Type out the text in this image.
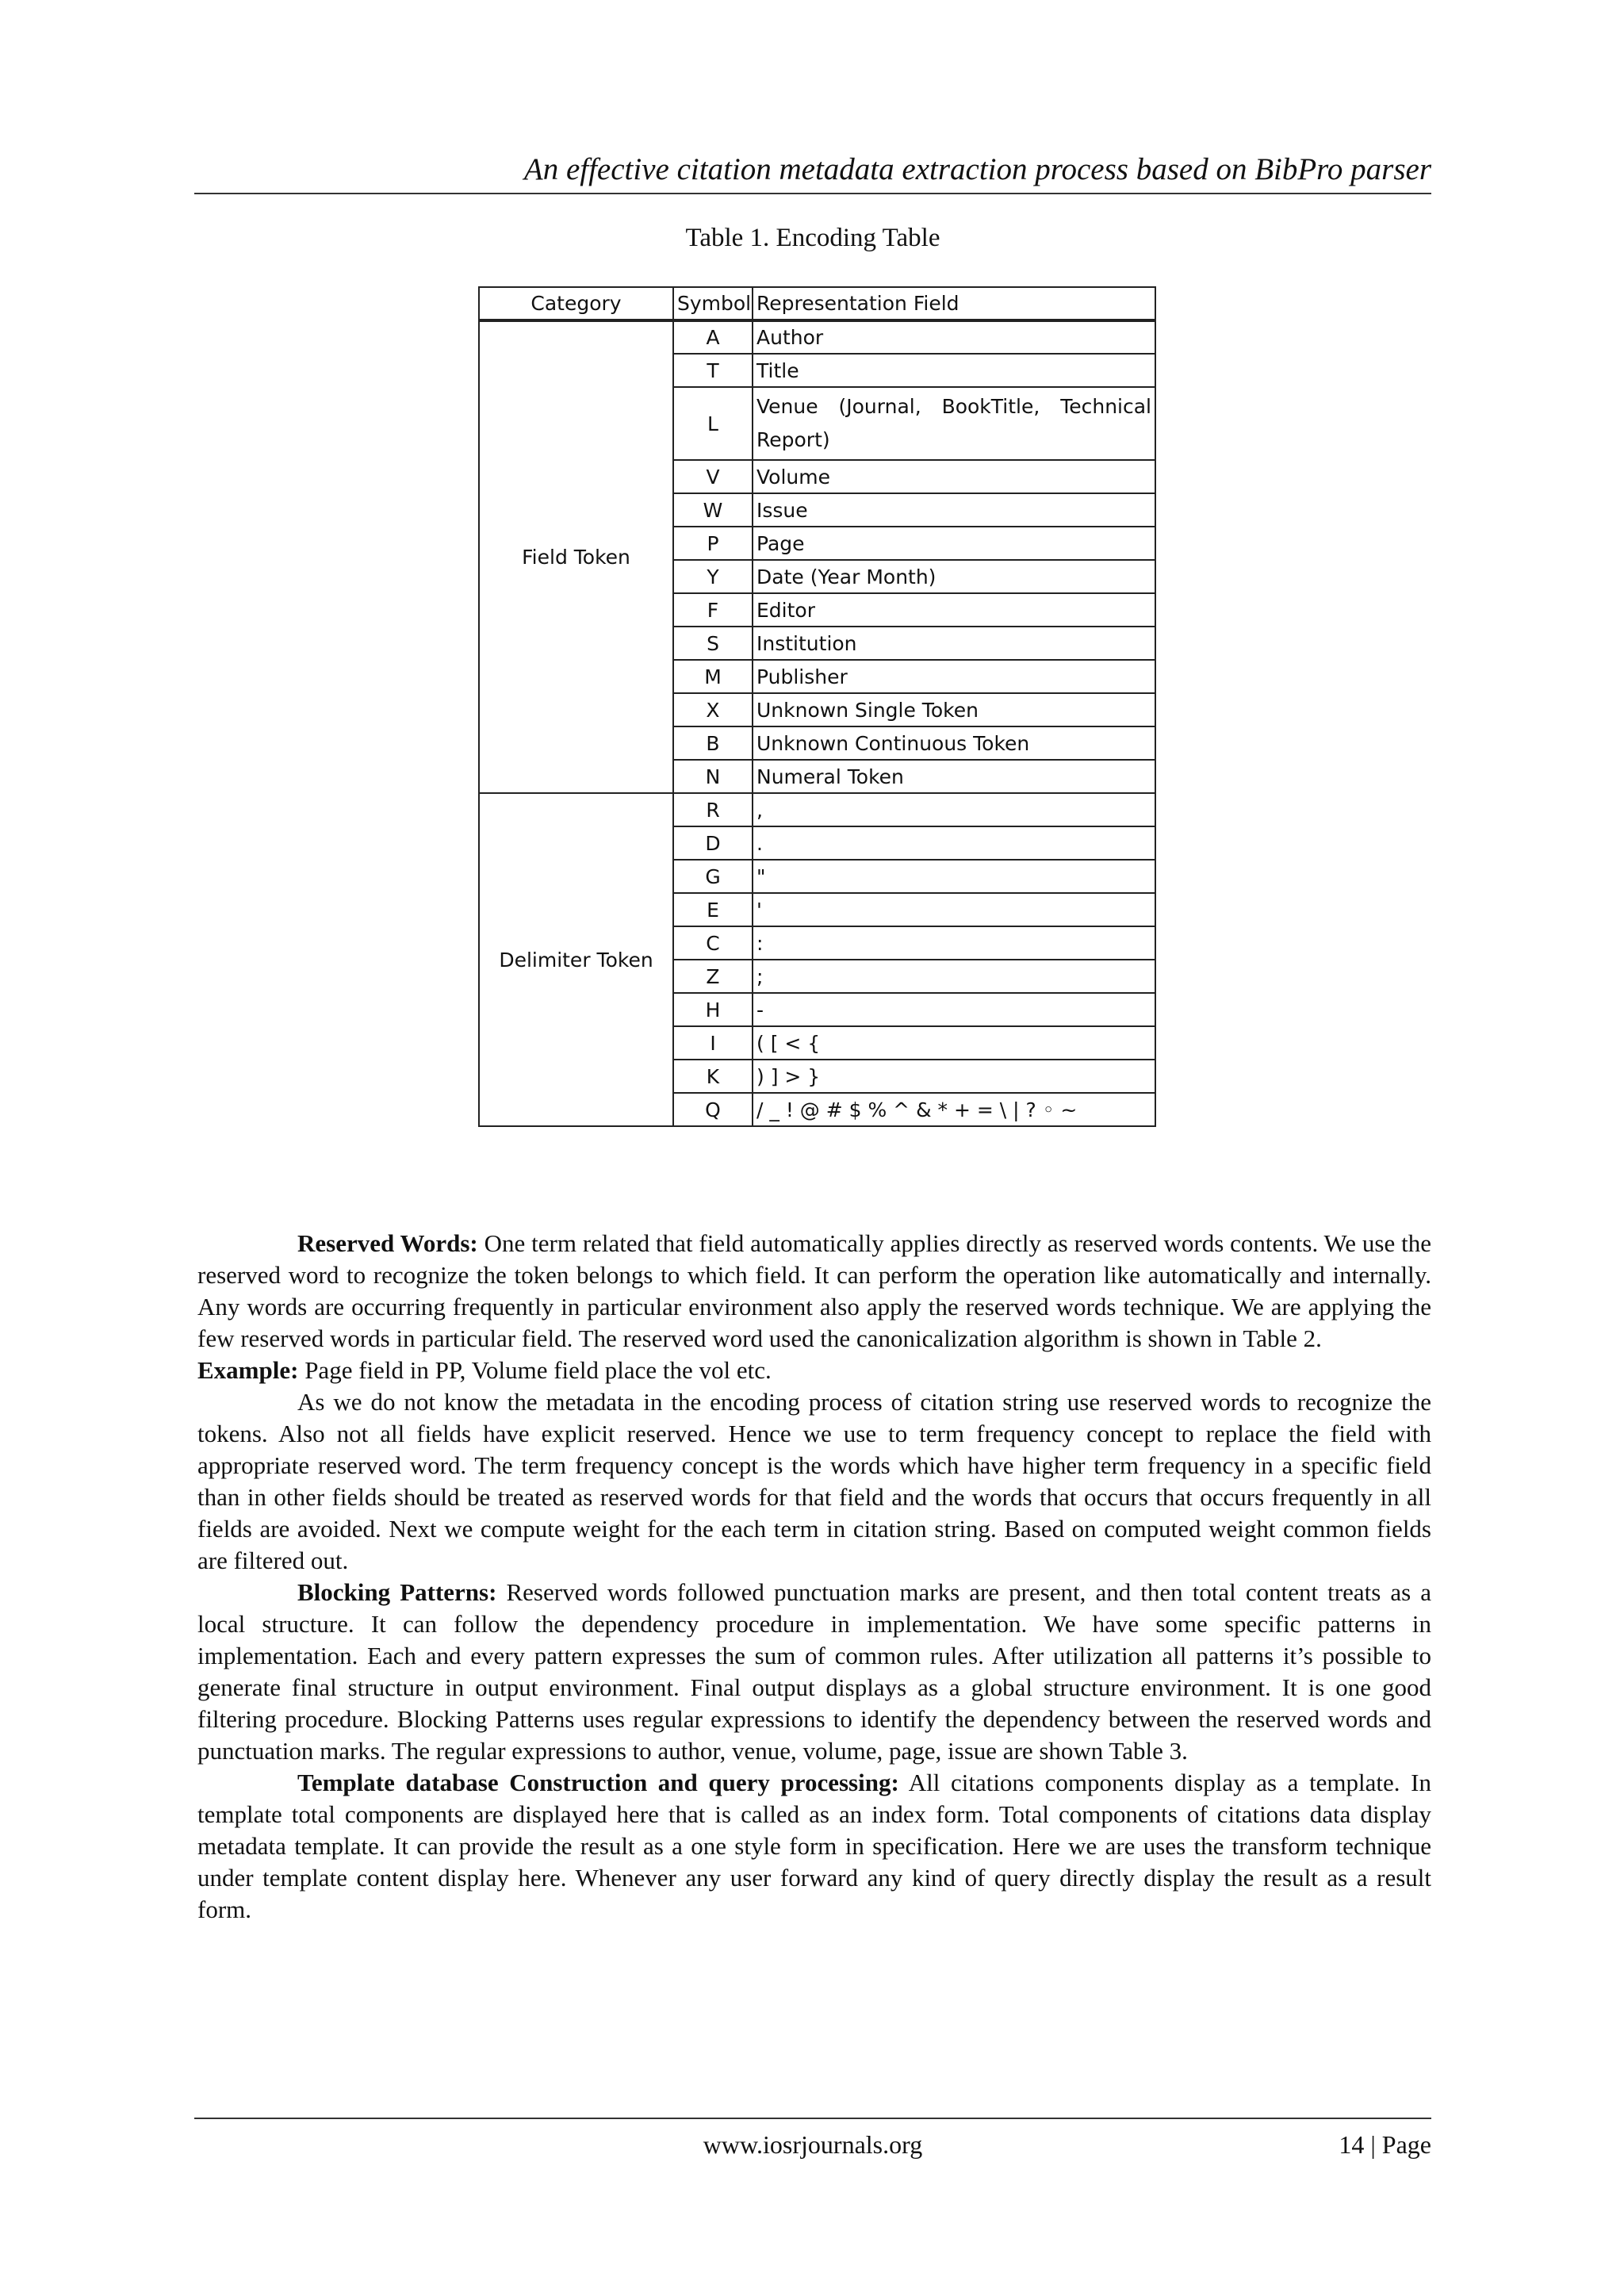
An effective citation metadata extraction process based on BibPro parser
Table 1. Encoding Table
Category	Symbol	Representation Field
Field Token	A	Author
	T	Title
	L	Venue (Journal, BookTitle, Technical Report)
	V	Volume
	W	Issue
	P	Page
	Y	Date (Year Month)
	F	Editor
	S	Institution
	M	Publisher
	X	Unknown Single Token
	B	Unknown Continuous Token
	N	Numeral Token
Delimiter Token	R	,
	D	.
	G	"
	E	'
	C	:
	Z	;
	H	-
	I	( [ < {
	K	) ] > }
	Q	/ _ ! @ # $ % ^ & * + = \ | ? ◦ ~

Reserved Words: One term related that field automatically applies directly as reserved words contents. We use the reserved word to recognize the token belongs to which field. It can perform the operation like automatically and internally. Any words are occurring frequently in particular environment also apply the reserved words technique. We are applying the few reserved words in particular field. The reserved word used the canonicalization algorithm is shown in Table 2.

Example: Page field in PP, Volume field place the vol etc.

As we do not know the metadata in the encoding process of citation string use reserved words to recognize the tokens. Also not all fields have explicit reserved. Hence we use to term frequency concept to replace the field with appropriate reserved word. The term frequency concept is the words which have higher term frequency in a specific field than in other fields should be treated as reserved words for that field and the words that occurs that occurs frequently in all fields are avoided. Next we compute weight for the each term in citation string. Based on computed weight common fields are filtered out.

Blocking Patterns: Reserved words followed punctuation marks are present, and then total content treats as a local structure. It can follow the dependency procedure in implementation. We have some specific patterns in implementation. Each and every pattern expresses the sum of common rules. After utilization all patterns it’s possible to generate final structure in output environment. Final output displays as a global structure environment. It is one good filtering procedure. Blocking Patterns uses regular expressions to identify the dependency between the reserved words and punctuation marks. The regular expressions to author, venue, volume, page, issue are shown Table 3.

Template database Construction and query processing: All citations components display as a template. In template total components are displayed here that is called as an index form. Total components of citations data display metadata template. It can provide the result as a one style form in specification. Here we are uses the transform technique under template content display here. Whenever any user forward any kind of query directly display the result as a result form.

www.iosrjournals.org	14 | Page
